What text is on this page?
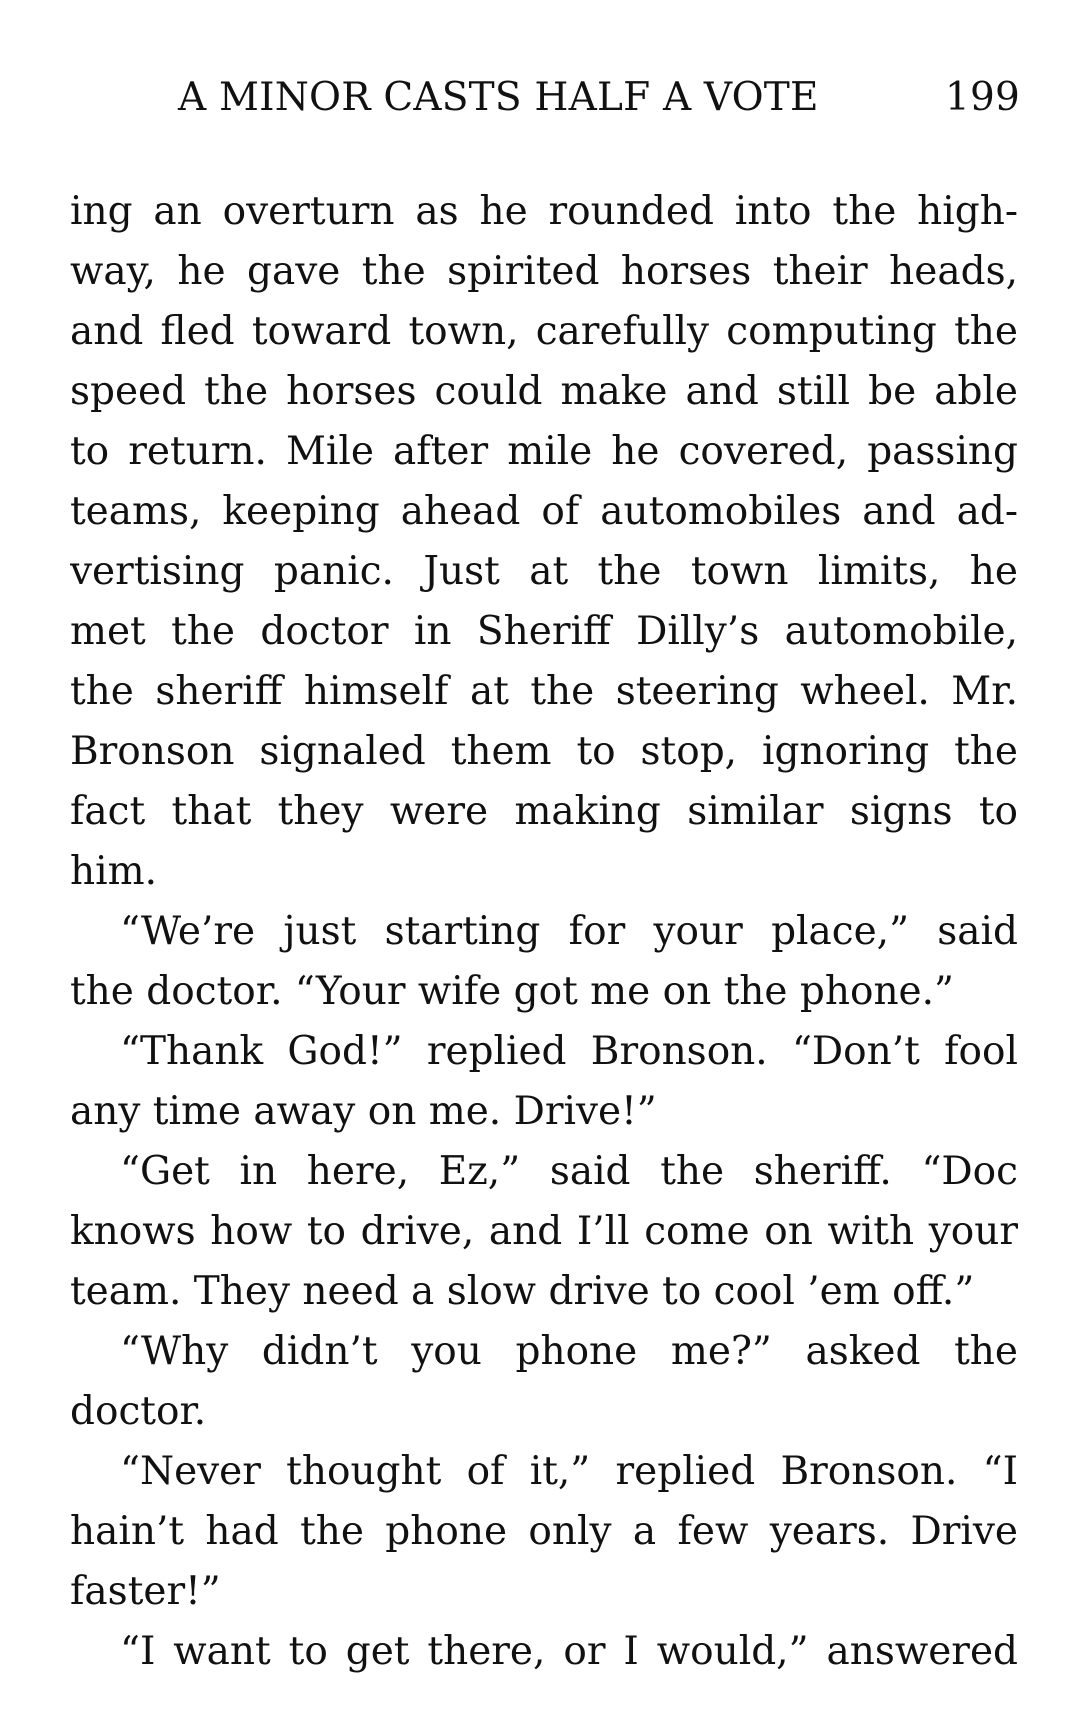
A MINOR CASTS HALF A VOTE	199
ing an overturn as he rounded into the high-
way, he gave the spirited horses their heads,
and fled toward town, carefully computing the
speed the horses could make and still be able
to return. Mile after mile he covered, passing
teams, keeping ahead of automobiles and ad-
vertising panic. Just at the town limits, he
met the doctor in Sheriff Dilly’s automobile,
the sheriff himself at the steering wheel. Mr.
Bronson signaled them to stop, ignoring the
fact that they were making similar signs to
him.
“We’re just starting for your place,” said
the doctor. “Your wife got me on the phone.”
“Thank God!” replied Bronson. “Don’t fool
any time away on me. Drive!”
“Get in here, Ez,” said the sheriff. “Doc
knows how to drive, and I’ll come on with your
team. They need a slow drive to cool ’em off.”
“Why didn’t you phone me?” asked the
doctor.
“Never thought of it,” replied Bronson. “I
hain’t had the phone only a few years. Drive
faster!”
“I want to get there, or I would,” answered
